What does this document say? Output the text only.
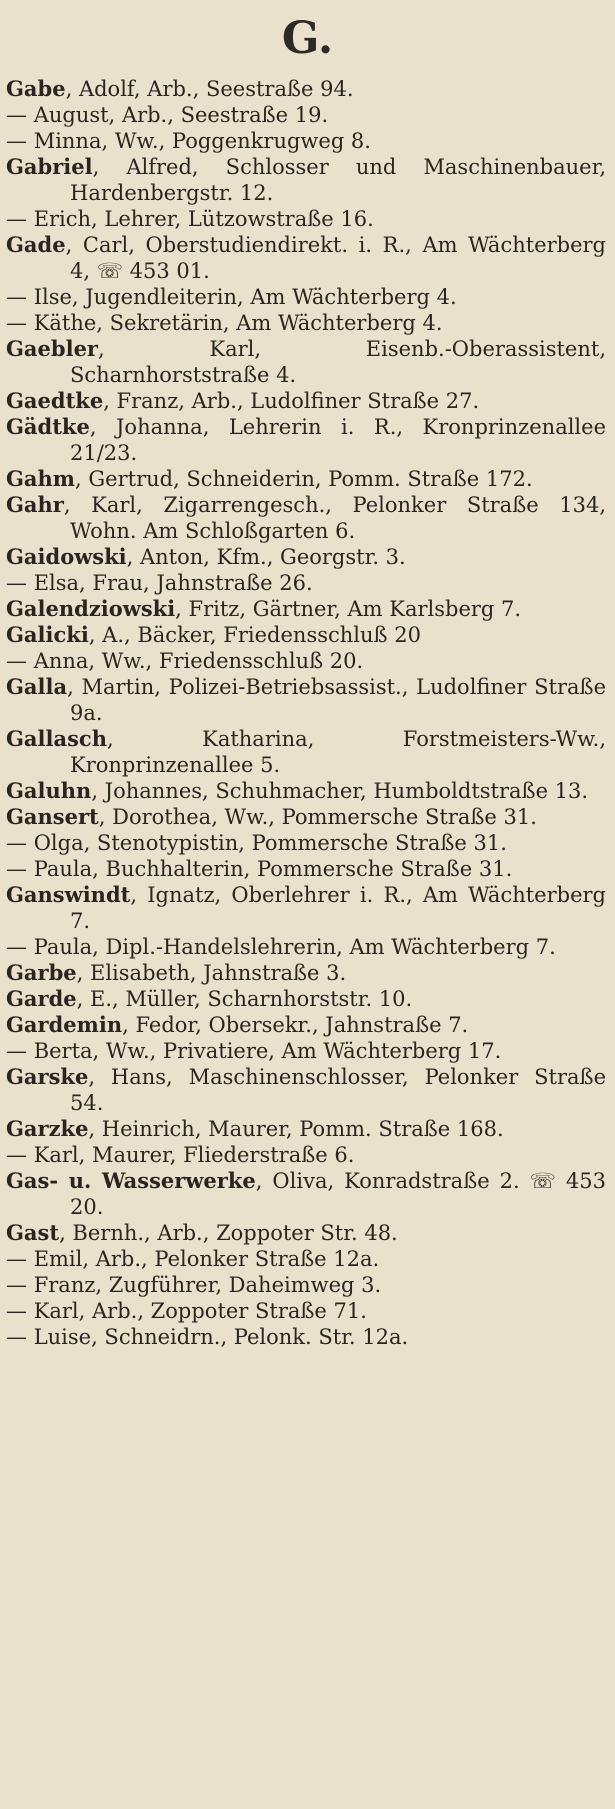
G.

Gabe, Adolf, Arb., Seestraße 94.

— August, Arb., Seestraße 19.

— Minna, Ww., Poggenkrugweg 8.

Gabriel, Alfred, Schlosser und Maschinenbauer, Hardenbergstr. 12.

— Erich, Lehrer, Lützowstraße 16.

Gade, Carl, Oberstudiendirekt. i. R., Am Wächterberg 4, ☏ 453 01.

— Ilse, Jugendleiterin, Am Wächterberg 4.

— Käthe, Sekretärin, Am Wächterberg 4.

Gaebler, Karl, Eisenb.-Oberassistent, Scharnhorststraße 4.

Gaedtke, Franz, Arb., Ludolfiner Straße 27.

Gädtke, Johanna, Lehrerin i. R., Kronprinzenallee 21/23.

Gahm, Gertrud, Schneiderin, Pomm. Straße 172.

Gahr, Karl, Zigarrengesch., Pelonker Straße 134, Wohn. Am Schloßgarten 6.

Gaidowski, Anton, Kfm., Georgstr. 3.

— Elsa, Frau, Jahnstraße 26.

Galendziowski, Fritz, Gärtner, Am Karlsberg 7.

Galicki, A., Bäcker, Friedensschluß 20

— Anna, Ww., Friedensschluß 20.

Galla, Martin, Polizei-Betriebsassist., Ludolfiner Straße 9a.

Gallasch, Katharina, Forstmeisters-Ww., Kronprinzenallee 5.

Galuhn, Johannes, Schuhmacher, Humboldtstraße 13.

Gansert, Dorothea, Ww., Pommersche Straße 31.

— Olga, Stenotypistin, Pommersche Straße 31.

— Paula, Buchhalterin, Pommersche Straße 31.

Ganswindt, Ignatz, Oberlehrer i. R., Am Wächterberg 7.

— Paula, Dipl.-Handelslehrerin, Am Wächterberg 7.

Garbe, Elisabeth, Jahnstraße 3.

Garde, E., Müller, Scharnhorststr. 10.

Gardemin, Fedor, Obersekr., Jahnstraße 7.

— Berta, Ww., Privatiere, Am Wächterberg 17.

Garske, Hans, Maschinenschlosser, Pelonker Straße 54.

Garzke, Heinrich, Maurer, Pomm. Straße 168.

— Karl, Maurer, Fliederstraße 6.

Gas- u. Wasserwerke, Oliva, Konradstraße 2. ☏ 453 20.

Gast, Bernh., Arb., Zoppoter Str. 48.

— Emil, Arb., Pelonker Straße 12a.

— Franz, Zugführer, Daheimweg 3.

— Karl, Arb., Zoppoter Straße 71.

— Luise, Schneidrn., Pelonk. Str. 12a.
